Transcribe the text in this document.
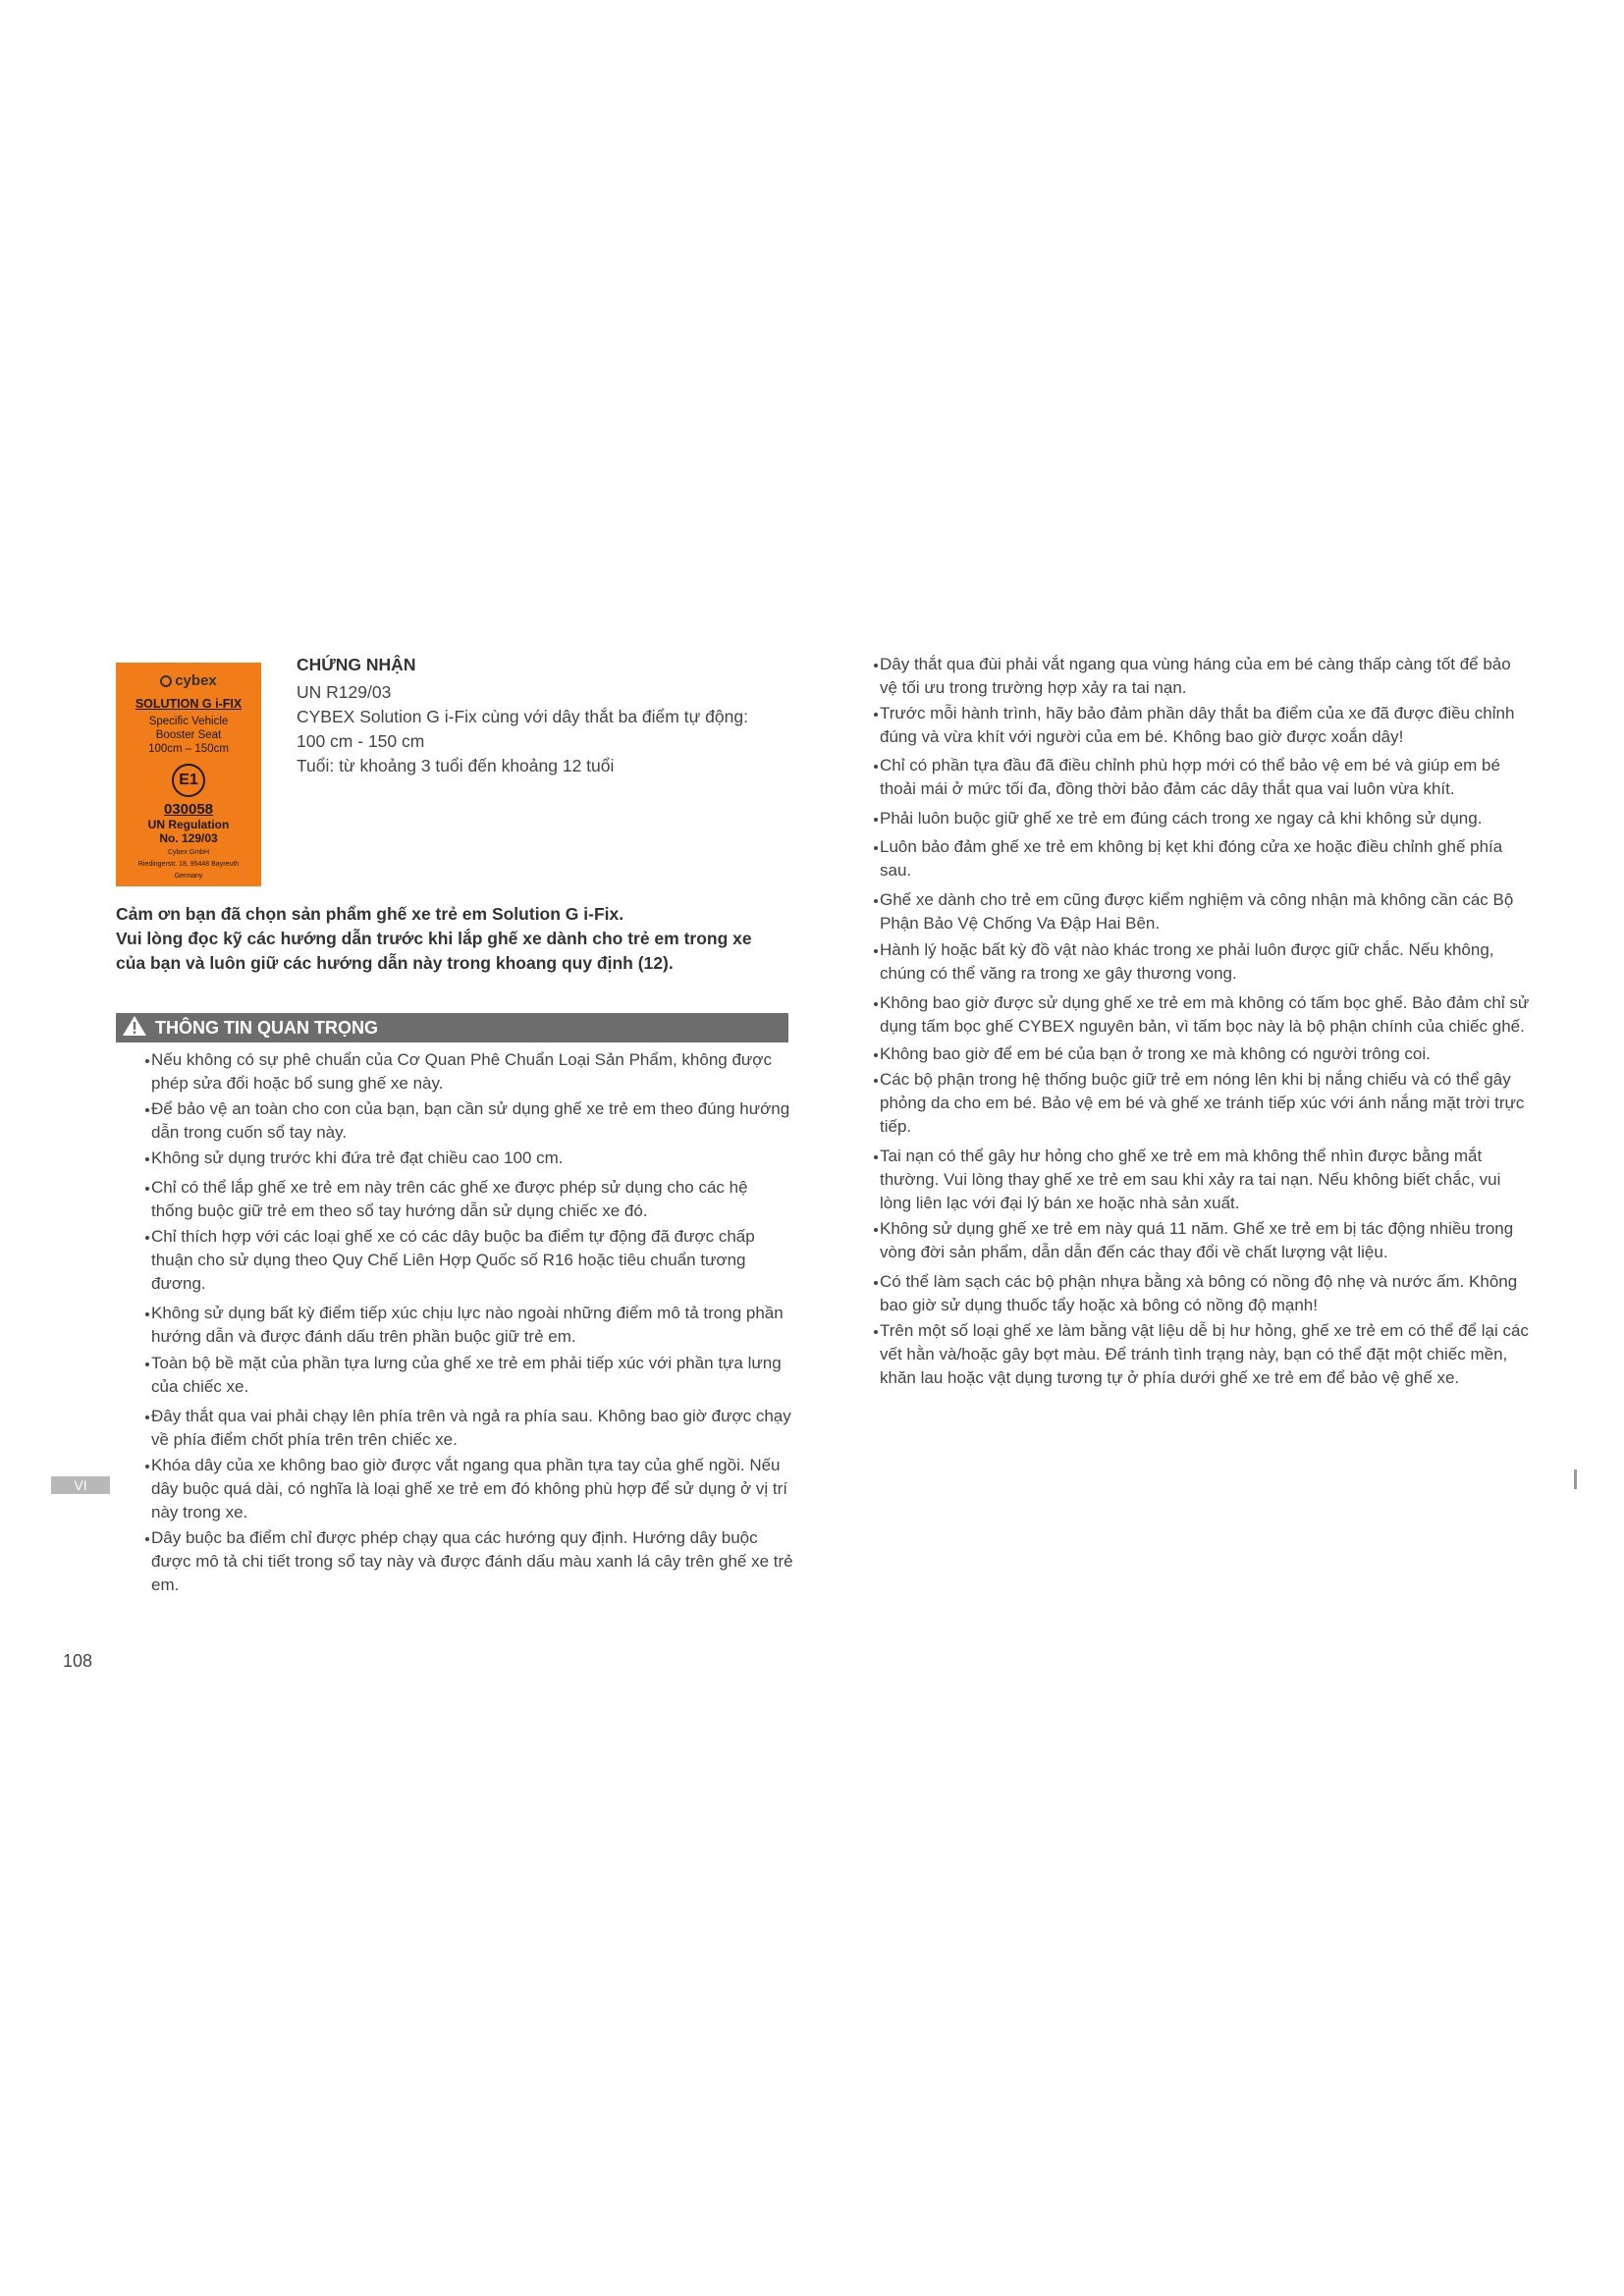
cybex
SOLUTION G i-FIX
Specific Vehicle
Booster Seat
100cm – 150cm
E1
030058
UN Regulation
No. 129/03
Cybex GmbH
Riedingerstr. 18, 95448 Bayreuth
Germany
CHỨNG NHẬN
UN R129/03
CYBEX Solution G i-Fix cùng với dây thắt ba điểm tự động: 100 cm - 150 cm
Tuổi: từ khoảng 3 tuổi đến khoảng 12 tuổi
Cảm ơn bạn đã chọn sản phẩm ghế xe trẻ em Solution G i-Fix.
Vui lòng đọc kỹ các hướng dẫn trước khi lắp ghế xe dành cho trẻ em trong xe của bạn và luôn giữ các hướng dẫn này trong khoang quy định (12).
THÔNG TIN QUAN TRỌNG
Nếu không có sự phê chuẩn của Cơ Quan Phê Chuẩn Loại Sản Phẩm, không được phép sửa đổi hoặc bổ sung ghế xe này.
Để bảo vệ an toàn cho con của bạn, bạn cần sử dụng ghế xe trẻ em theo đúng hướng dẫn trong cuốn sổ tay này.
Không sử dụng trước khi đứa trẻ đạt chiều cao 100 cm.
Chỉ có thể lắp ghế xe trẻ em này trên các ghế xe được phép sử dụng cho các hệ thống buộc giữ trẻ em theo sổ tay hướng dẫn sử dụng chiếc xe đó.
Chỉ thích hợp với các loại ghế xe có các dây buộc ba điểm tự động đã được chấp thuận cho sử dụng theo Quy Chế Liên Hợp Quốc số R16 hoặc tiêu chuẩn tương đương.
Không sử dụng bất kỳ điểm tiếp xúc chịu lực nào ngoài những điểm mô tả trong phần hướng dẫn và được đánh dấu trên phần buộc giữ trẻ em.
Toàn bộ bề mặt của phần tựa lưng của ghế xe trẻ em phải tiếp xúc với phần tựa lưng của chiếc xe.
Đây thắt qua vai phải chạy lên phía trên và ngả ra phía sau. Không bao giờ được chạy về phía điểm chốt phía trên trên chiếc xe.
Khóa dây của xe không bao giờ được vắt ngang qua phần tựa tay của ghế ngồi. Nếu dây buộc quá dài, có nghĩa là loại ghế xe trẻ em đó không phù hợp để sử dụng ở vị trí này trong xe.
Dây buộc ba điểm chỉ được phép chạy qua các hướng quy định. Hướng dây buộc được mô tả chi tiết trong sổ tay này và được đánh dấu màu xanh lá cây trên ghế xe trẻ em.
Dây thắt qua đùi phải vắt ngang qua vùng háng của em bé càng thấp càng tốt để bảo vệ tối ưu trong trường hợp xảy ra tai nạn.
Trước mỗi hành trình, hãy bảo đảm phần dây thắt ba điểm của xe đã được điều chỉnh đúng và vừa khít với người của em bé. Không bao giờ được xoắn dây!
Chỉ có phần tựa đầu đã điều chỉnh phù hợp mới có thể bảo vệ em bé và giúp em bé thoải mái ở mức tối đa, đồng thời bảo đảm các dây thắt qua vai luôn vừa khít.
Phải luôn buộc giữ ghế xe trẻ em đúng cách trong xe ngay cả khi không sử dụng.
Luôn bảo đảm ghế xe trẻ em không bị kẹt khi đóng cửa xe hoặc điều chỉnh ghế phía sau.
Ghế xe dành cho trẻ em cũng được kiểm nghiệm và công nhận mà không cần các Bộ Phận Bảo Vệ Chống Va Đập Hai Bên.
Hành lý hoặc bất kỳ đồ vật nào khác trong xe phải luôn được giữ chắc. Nếu không, chúng có thể văng ra trong xe gây thương vong.
Không bao giờ được sử dụng ghế xe trẻ em mà không có tấm bọc ghế. Bảo đảm chỉ sử dụng tấm bọc ghế CYBEX nguyên bản, vì tấm bọc này là bộ phận chính của chiếc ghế.
Không bao giờ để em bé của bạn ở trong xe mà không có người trông coi.
Các bộ phận trong hệ thống buộc giữ trẻ em nóng lên khi bị nắng chiếu và có thể gây phỏng da cho em bé. Bảo vệ em bé và ghế xe tránh tiếp xúc với ánh nắng mặt trời trực tiếp.
Tai nạn có thể gây hư hỏng cho ghế xe trẻ em mà không thể nhìn được bằng mắt thường. Vui lòng thay ghế xe trẻ em sau khi xảy ra tai nạn. Nếu không biết chắc, vui lòng liên lạc với đại lý bán xe hoặc nhà sản xuất.
Không sử dụng ghế xe trẻ em này quá 11 năm. Ghế xe trẻ em bị tác động nhiều trong vòng đời sản phẩm, dẫn dẫn đến các thay đổi về chất lượng vật liệu.
Có thể làm sạch các bộ phận nhựa bằng xà bông có nồng độ nhẹ và nước ấm. Không bao giờ sử dụng thuốc tẩy hoặc xà bông có nồng độ mạnh!
Trên một số loại ghế xe làm bằng vật liệu dễ bị hư hỏng, ghế xe trẻ em có thể để lại các vết hằn và/hoặc gây bợt màu. Để tránh tình trạng này, bạn có thể đặt một chiếc mền, khăn lau hoặc vật dụng tương tự ở phía dưới ghế xe trẻ em để bảo vệ ghế xe.
VI
108
